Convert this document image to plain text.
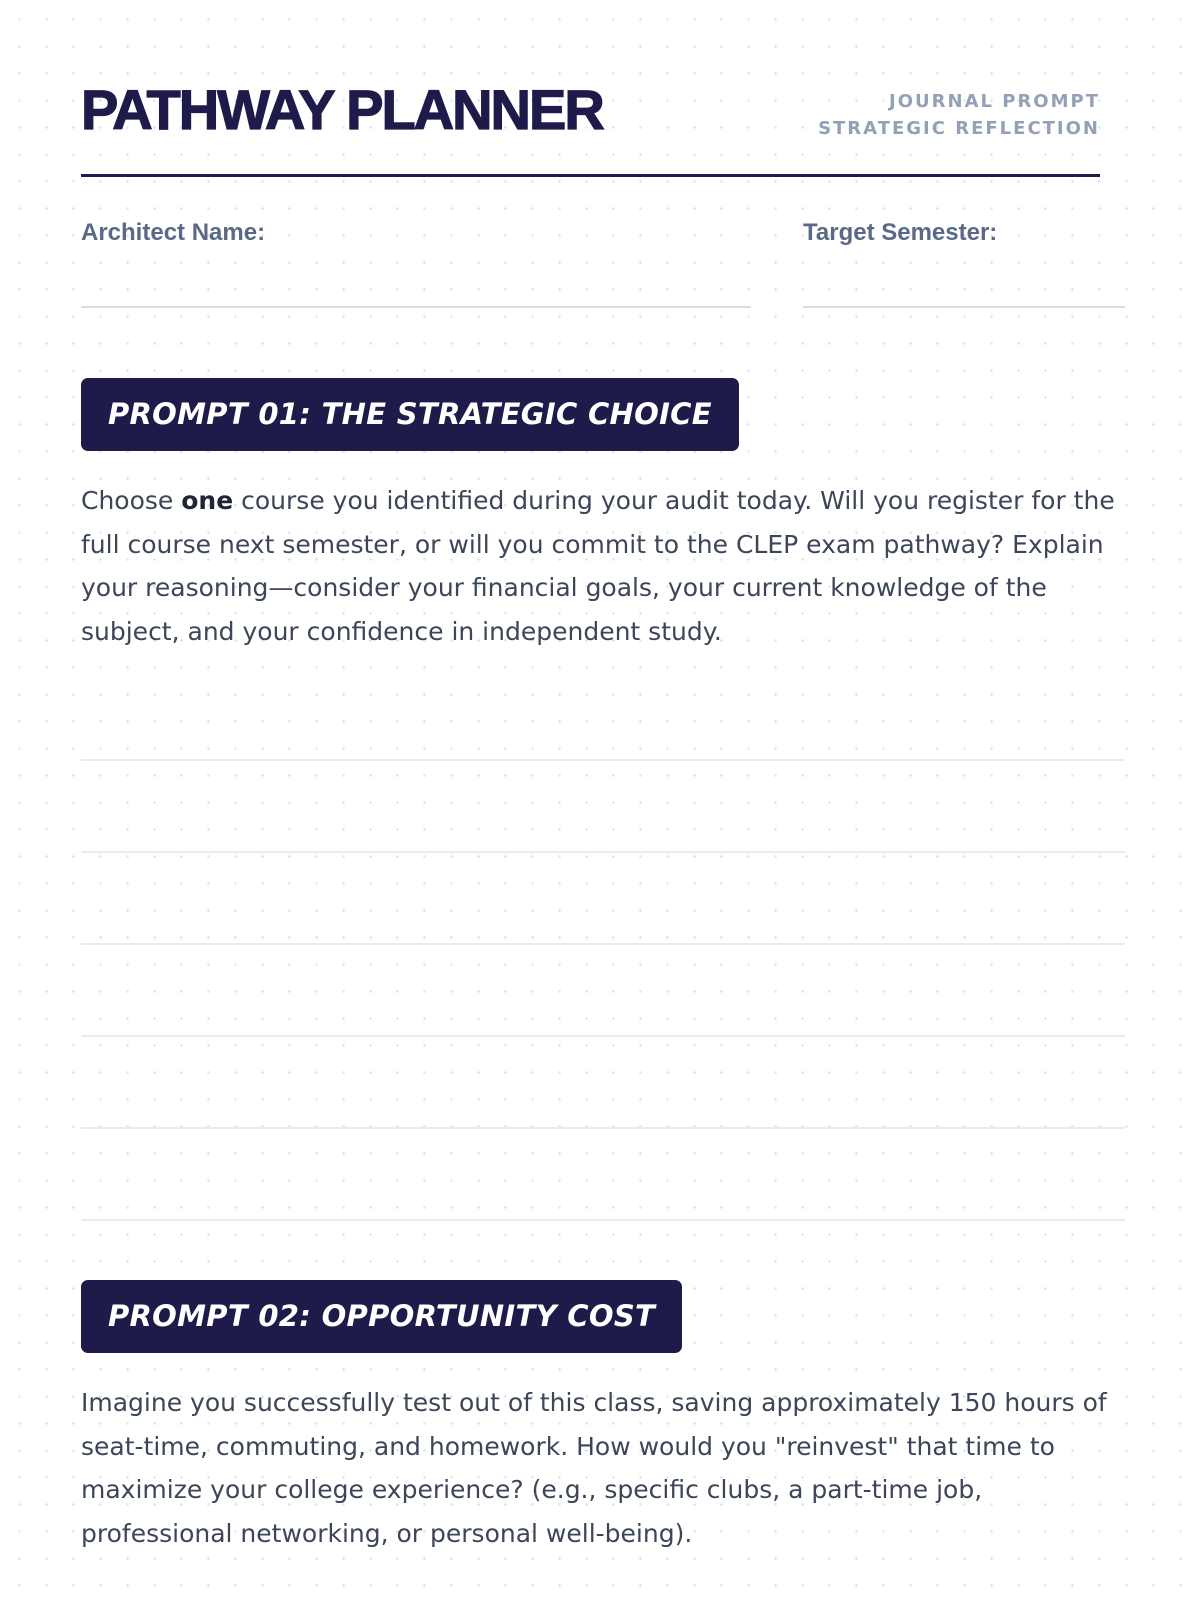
PATHWAY PLANNER	JOURNAL PROMPT
STRATEGIC REFLECTION
Architect Name:	Target Semester:
PROMPT 01: THE STRATEGIC CHOICE

Choose one course you identified during your audit today. Will you register for the full course next semester, or will you commit to the CLEP exam pathway? Explain your reasoning—consider your financial goals, your current knowledge of the subject, and your confidence in independent study.

PROMPT 02: OPPORTUNITY COST

Imagine you successfully test out of this class, saving approximately 150 hours of seat-time, commuting, and homework. How would you "reinvest" that time to maximize your college experience? (e.g., specific clubs, a part-time job, professional networking, or personal well-being).
